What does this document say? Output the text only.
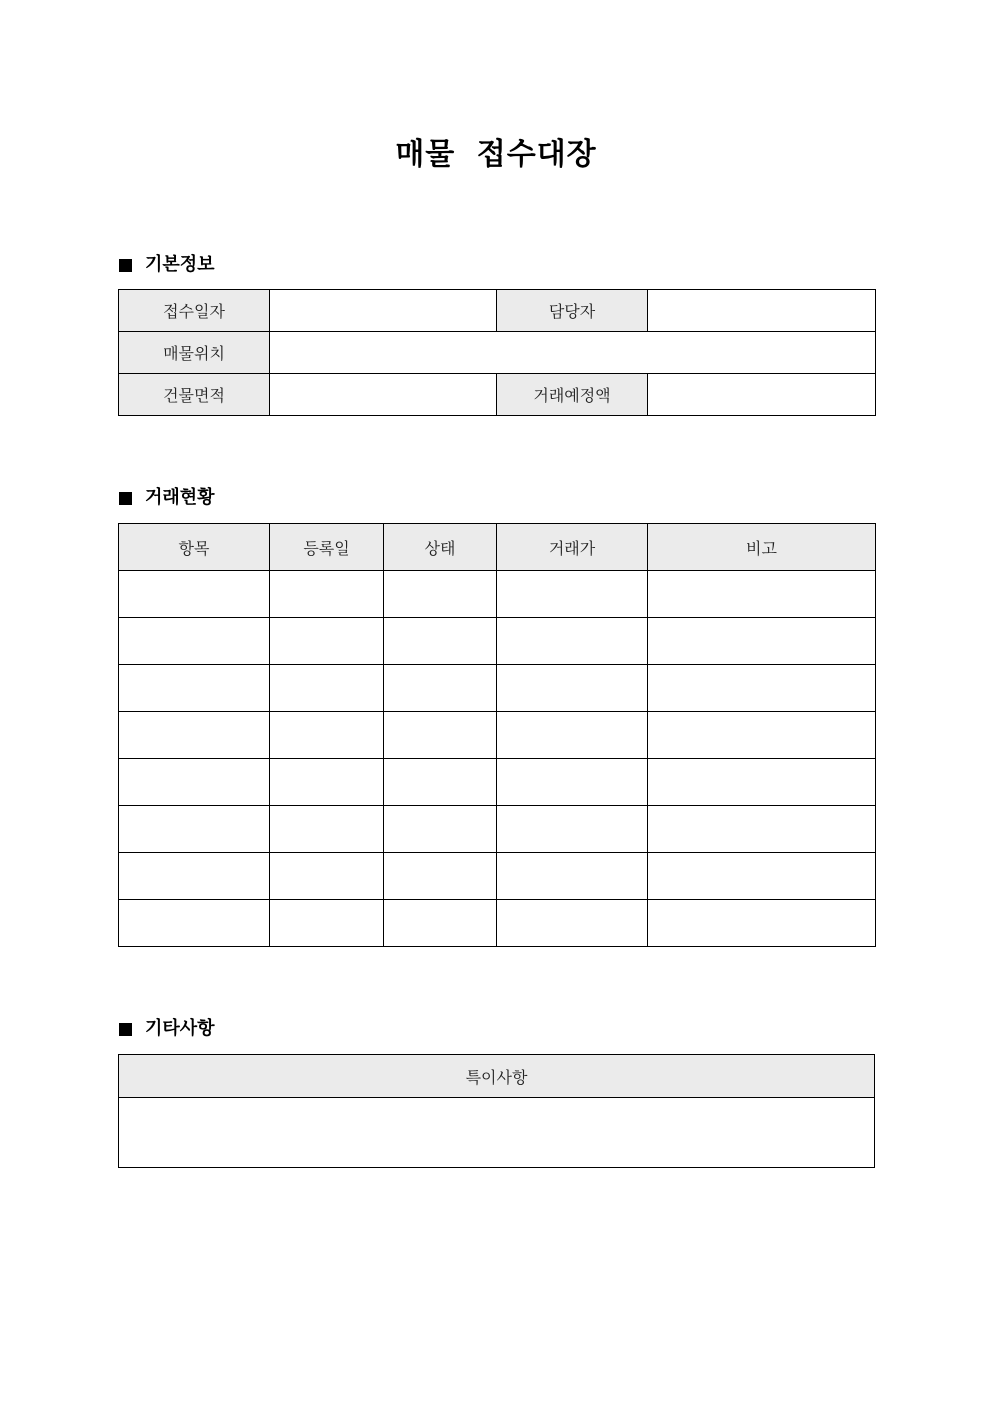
매물 접수대장
기본정보
접수일자		담당자	
매물위치			
건물면적		거래예정액	
거래현황
항목	등록일	상태	거래가	비고

기타사항
특이사항
